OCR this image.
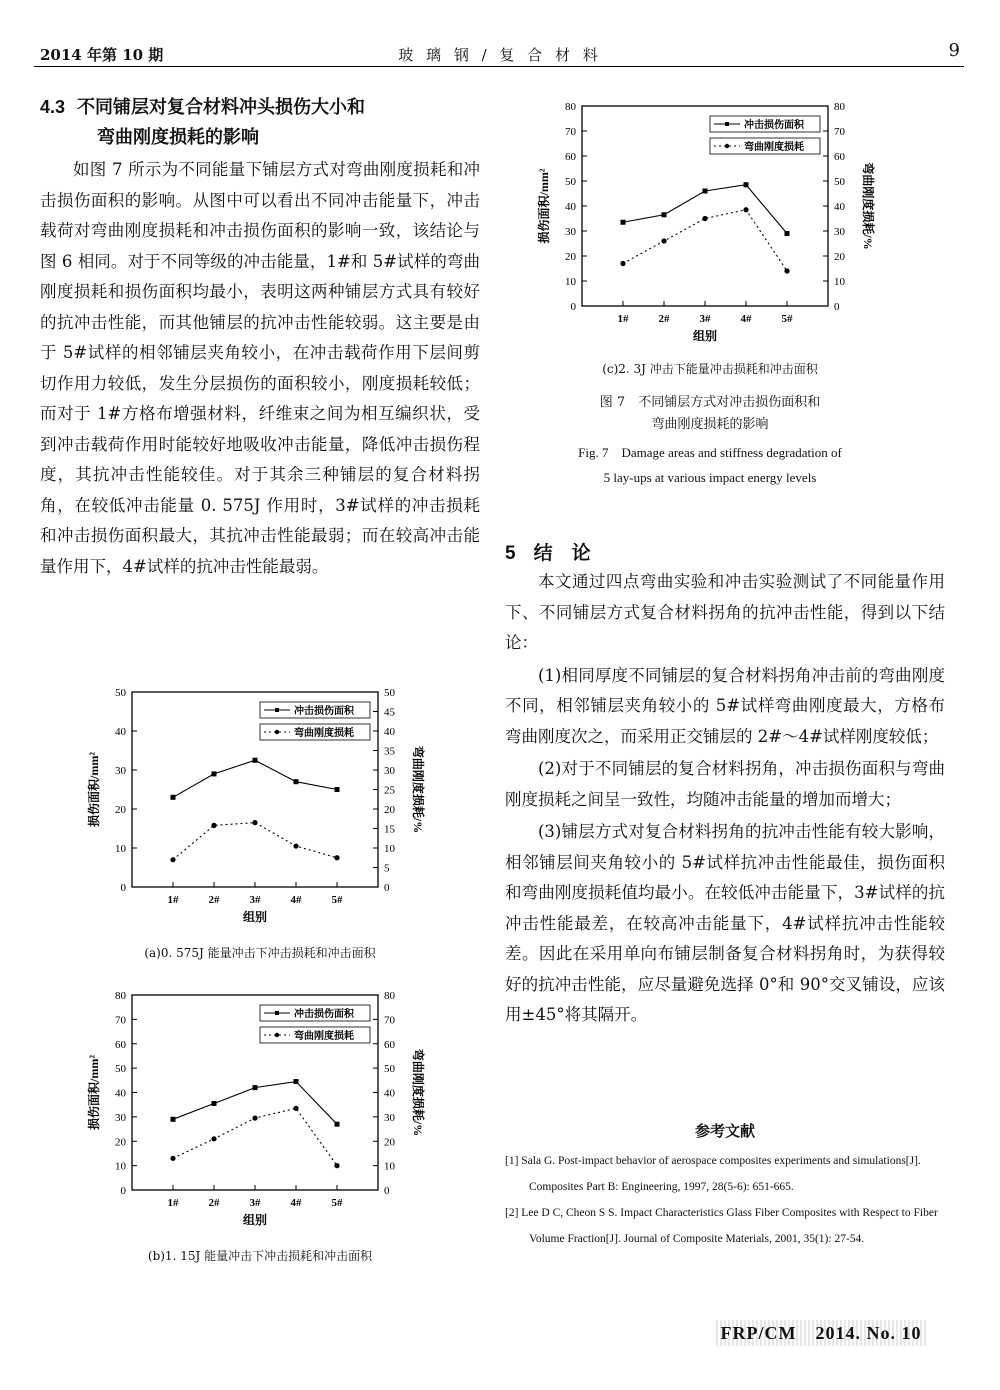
2014 年第 10 期	玻 璃 钢 / 复 合 材 料	9
4.3 不同铺层对复合材料冲头损伤大小和
弯曲刚度损耗的影响

如图 7 所示为不同能量下铺层方式对弯曲刚度损耗和冲击损伤面积的影响。从图中可以看出不同冲击能量下，冲击载荷对弯曲刚度损耗和冲击损伤面积的影响一致，该结论与图 6 相同。对于不同等级的冲击能量，1#和 5#试样的弯曲刚度损耗和损伤面积均最小，表明这两种铺层方式具有较好的抗冲击性能，而其他铺层的抗冲击性能较弱。这主要是由于 5#试样的相邻铺层夹角较小，在冲击载荷作用下层间剪切作用力较低，发生分层损伤的面积较小，刚度损耗较低；而对于 1#方格布增强材料，纤维束之间为相互编织状，受到冲击载荷作用时能较好地吸收冲击能量，降低冲击损伤程度，其抗冲击性能较佳。对于其余三种铺层的复合材料拐角，在较低冲击能量 0. 575J 作用时，3#试样的冲击损耗和冲击损伤面积最大，其抗冲击性能最弱；而在较高冲击能量作用下，4#试样的抗冲击性能最弱。

0
10
20
30
40
50
0
5
10
15
20
25
30
35
40
45
50
1#	2#	3#	4#	5#
组别
损伤面积/mm²	弯曲刚度损耗/%
冲击损伤面积
弯曲刚度损耗
(a)0. 575J 能量冲击下冲击损耗和冲击面积
0
10
20
30
40
50
60
70
80
0
10
20
30
40
50
60
70
80
1#	2#	3#	4#	5#
组别
损伤面积/mm²	弯曲刚度损耗/%
冲击损伤面积
弯曲刚度损耗
(b)1. 15J 能量冲击下冲击损耗和冲击面积
0
10
20
30
40
50
60
70
80
0
10
20
30
40
50
60
70
80
1#	2#	3#	4#	5#
组别
损伤面积/mm²	弯曲刚度损耗/%
冲击损伤面积
弯曲刚度损耗
(c)2. 3J 冲击下能量冲击损耗和冲击面积
图 7　不同铺层方式对冲击损伤面积和
弯曲刚度损耗的影响
Fig. 7　Damage areas and stiffness degradation of
5 lay-ups at various impact energy levels
5 结　论

本文通过四点弯曲实验和冲击实验测试了不同能量作用下、不同铺层方式复合材料拐角的抗冲击性能，得到以下结论：

(1)相同厚度不同铺层的复合材料拐角冲击前的弯曲刚度不同，相邻铺层夹角较小的 5#试样弯曲刚度最大，方格布弯曲刚度次之，而采用正交铺层的 2#～4#试样刚度较低；

(2)对于不同铺层的复合材料拐角，冲击损伤面积与弯曲刚度损耗之间呈一致性，均随冲击能量的增加而增大；

(3)铺层方式对复合材料拐角的抗冲击性能有较大影响，相邻铺层间夹角较小的 5#试样抗冲击性能最佳，损伤面积和弯曲刚度损耗值均最小。在较低冲击能量下，3#试样的抗冲击性能最差，在较高冲击能量下，4#试样抗冲击性能较差。因此在采用单向布铺层制备复合材料拐角时，为获得较好的抗冲击性能，应尽量避免选择 0°和 90°交叉铺设，应该用±45°将其隔开。

参考文献
[1] Sala G. Post-impact behavior of aerospace composites experiments and simulations[J]. Composites Part B: Engineering, 1997, 28(5-6): 651-665.
[2] Lee D C, Cheon S S. Impact Characteristics Glass Fiber Composites with Respect to Fiber Volume Fraction[J]. Journal of Composite Materials, 2001, 35(1): 27-54.
FRP/CM　2014. No. 10
